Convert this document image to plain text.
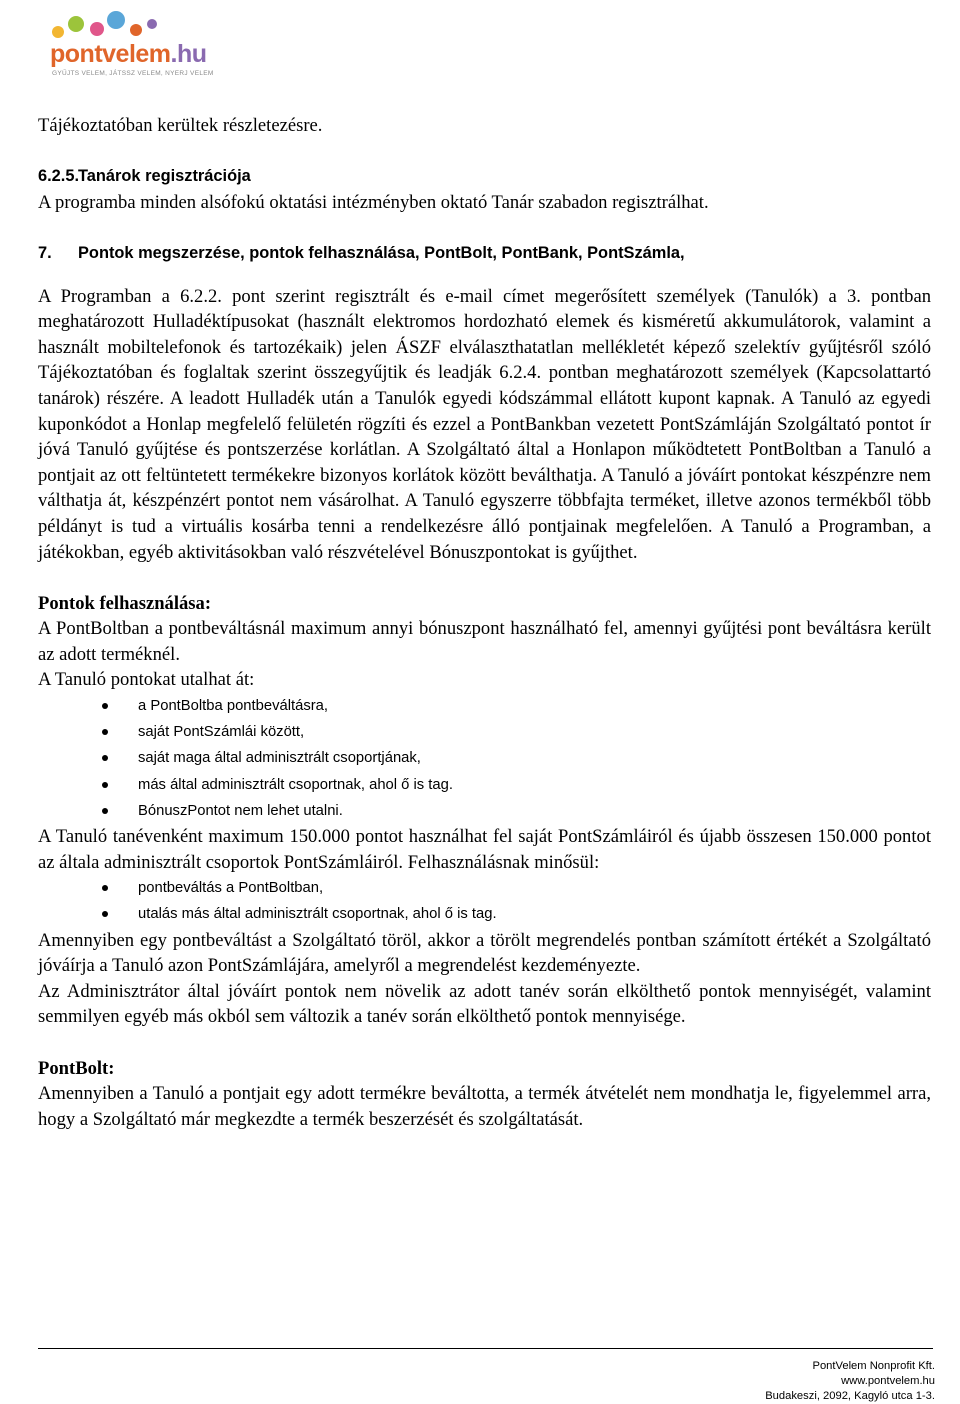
pontvelem.hu
GYŰJTS VELEM, JÁTSSZ VELEM, NYERJ VELEM

Tájékoztatóban kerültek részletezésre.

6.2.5.Tanárok regisztrációja

A programba minden alsófokú oktatási intézményben oktató Tanár szabadon regisztrálhat.

7. Pontok megszerzése, pontok felhasználása, PontBolt, PontBank, PontSzámla,

A Programban a 6.2.2. pont szerint regisztrált és e-mail címet megerősített személyek (Tanulók) a 3. pontban meghatározott Hulladéktípusokat (használt elektromos hordozható elemek és kisméretű akkumulátorok, valamint a használt mobiltelefonok és tartozékaik) jelen ÁSZF elválaszthatatlan mellékletét képező szelektív gyűjtésről szóló Tájékoztatóban és foglaltak szerint összegyűjtik és leadják 6.2.4. pontban meghatározott személyek (Kapcsolattartó tanárok) részére. A leadott Hulladék után a Tanulók egyedi kódszámmal ellátott kupont kapnak. A Tanuló az egyedi kuponkódot a Honlap megfelelő felületén rögzíti és ezzel a PontBankban vezetett PontSzámláján Szolgáltató pontot ír jóvá Tanuló gyűjtése és pontszerzése korlátlan. A Szolgáltató által a Honlapon működtetett PontBoltban a Tanuló a pontjait az ott feltüntetett termékekre bizonyos korlátok között beválthatja. A Tanuló a jóváírt pontokat készpénzre nem válthatja át, készpénzért pontot nem vásárolhat. A Tanuló egyszerre többfajta terméket, illetve azonos termékből több példányt is tud a virtuális kosárba tenni a rendelkezésre álló pontjainak megfelelően. A Tanuló a Programban, a játékokban, egyéb aktivitásokban való részvételével Bónuszpontokat is gyűjthet.

Pontok felhasználása:

A PontBoltban a pontbeváltásnál maximum annyi bónuszpont használható fel, amennyi gyűjtési pont beváltásra került az adott terméknél.

A Tanuló pontokat utalhat át:

a PontBoltba pontbeváltásra,
saját PontSzámlái között,
saját maga által adminisztrált csoportjának,
más által adminisztrált csoportnak, ahol ő is tag.
BónuszPontot nem lehet utalni.

A Tanuló tanévenként maximum 150.000 pontot használhat fel saját PontSzámláiról és újabb összesen 150.000 pontot az általa adminisztrált csoportok PontSzámláiról. Felhasználásnak minősül:

pontbeváltás a PontBoltban,
utalás más által adminisztrált csoportnak, ahol ő is tag.

Amennyiben egy pontbeváltást a Szolgáltató töröl, akkor a törölt megrendelés pontban számított értékét a Szolgáltató jóváírja a Tanuló azon PontSzámlájára, amelyről a megrendelést kezdeményezte.

Az Adminisztrátor által jóváírt pontok nem növelik az adott tanév során elkölthető pontok mennyiségét, valamint semmilyen egyéb más okból sem változik a tanév során elkölthető pontok mennyisége.

PontBolt:

Amennyiben a Tanuló a pontjait egy adott termékre beváltotta, a termék átvételét nem mondhatja le, figyelemmel arra, hogy a Szolgáltató már megkezdte a termék beszerzését és szolgáltatását.

PontVelem Nonprofit Kft.
www.pontvelem.hu
Budakeszi, 2092, Kagyló utca 1-3.
